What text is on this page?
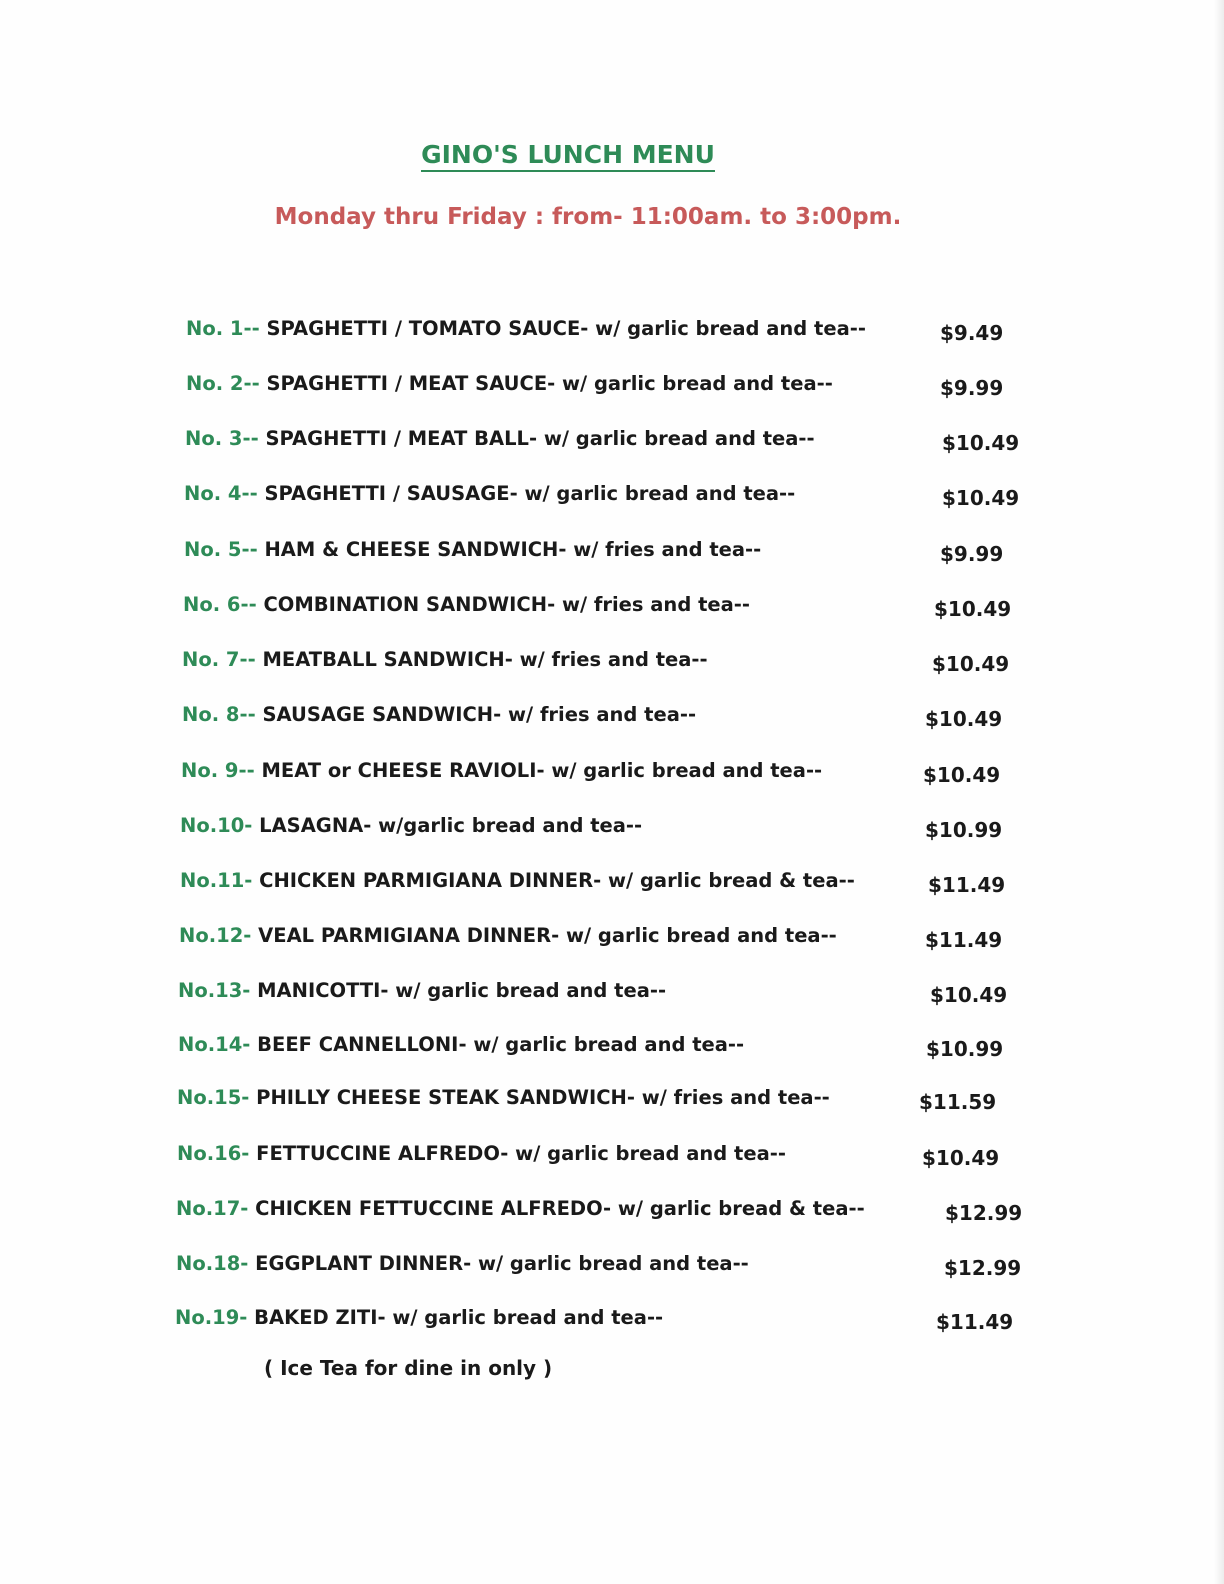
GINO'S LUNCH MENU
Monday thru Friday : from- 11:00am. to 3:00pm.
No. 1-- SPAGHETTI / TOMATO SAUCE- w/ garlic bread and tea--	$9.49
No. 2-- SPAGHETTI / MEAT SAUCE- w/ garlic bread and tea--	$9.99
No. 3-- SPAGHETTI / MEAT BALL- w/ garlic bread and tea--	$10.49
No. 4-- SPAGHETTI / SAUSAGE- w/ garlic bread and tea--	$10.49
No. 5-- HAM & CHEESE SANDWICH- w/ fries and tea--	$9.99
No. 6-- COMBINATION SANDWICH- w/ fries and tea--	$10.49
No. 7-- MEATBALL SANDWICH- w/ fries and tea--	$10.49
No. 8-- SAUSAGE SANDWICH- w/ fries and tea--	$10.49
No. 9-- MEAT or CHEESE RAVIOLI- w/ garlic bread and tea--	$10.49
No.10- LASAGNA- w/garlic bread and tea--	$10.99
No.11- CHICKEN PARMIGIANA DINNER- w/ garlic bread & tea--	$11.49
No.12- VEAL PARMIGIANA DINNER- w/ garlic bread and tea--	$11.49
No.13- MANICOTTI- w/ garlic bread and tea--	$10.49
No.14- BEEF CANNELLONI- w/ garlic bread and tea--	$10.99
No.15- PHILLY CHEESE STEAK SANDWICH- w/ fries and tea--	$11.59
No.16- FETTUCCINE ALFREDO- w/ garlic bread and tea--	$10.49
No.17- CHICKEN FETTUCCINE ALFREDO- w/ garlic bread & tea--	$12.99
No.18- EGGPLANT DINNER- w/ garlic bread and tea--	$12.99
No.19- BAKED ZITI- w/ garlic bread and tea--	$11.49
( Ice Tea for dine in only )
